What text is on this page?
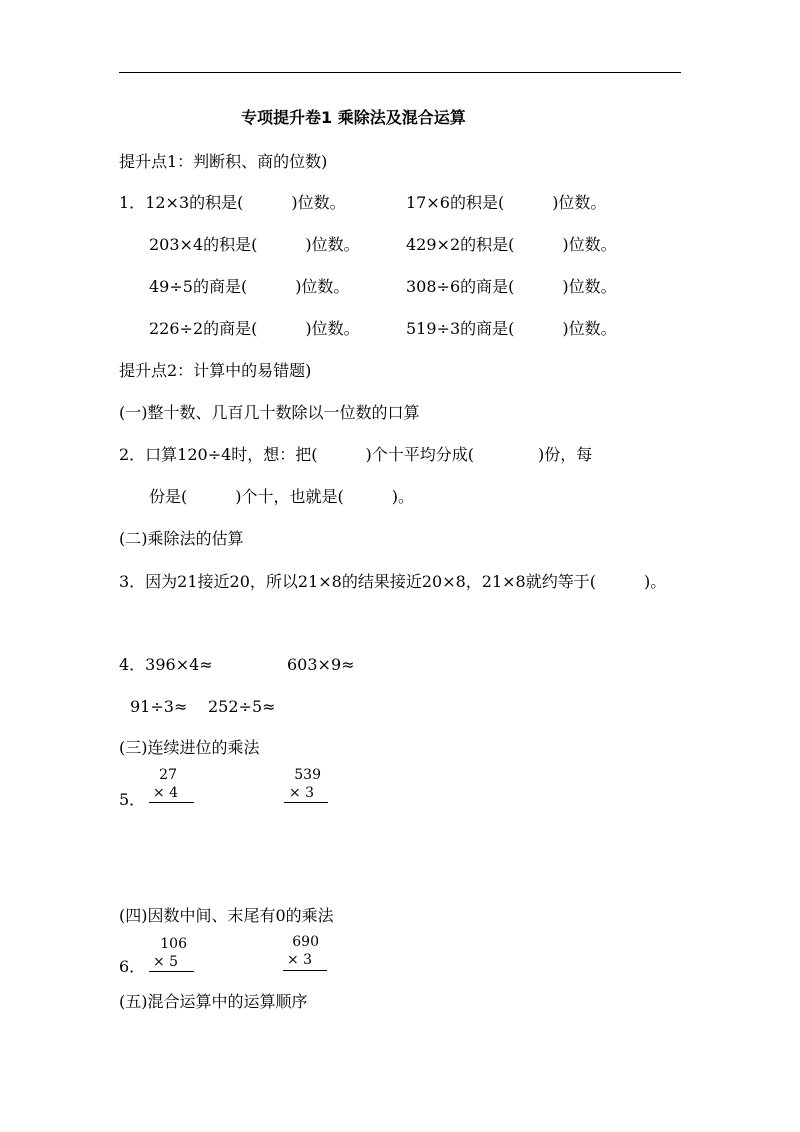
专项提升卷1 乘除法及混合运算
提升点1：判断积、商的位数)
1．12×3的积是(　　　)位数。	17×6的积是(　　　)位数。
203×4的积是(　　　)位数。	429×2的积是(　　　)位数。
49÷5的商是(　　　)位数。	308÷6的商是(　　　)位数。
226÷2的商是(　　　)位数。	519÷3的商是(　　　)位数。
提升点2：计算中的易错题)
(一)整十数、几百几十数除以一位数的口算
2．口算120÷4时，想：把(　　　)个十平均分成(　　　　)份，每
份是(　　　)个十，也就是(　　　)。
(二)乘除法的估算
3．因为21接近20，所以21×8的结果接近20×8，21×8就约等于(　　　)。
4．396×4≈	603×9≈
91÷3≈ 252÷5≈
(三)连续进位的乘法
5．
27
× 4
539
× 3
(四)因数中间、末尾有0的乘法
6．
106
× 5
690
× 3
(五)混合运算中的运算顺序
